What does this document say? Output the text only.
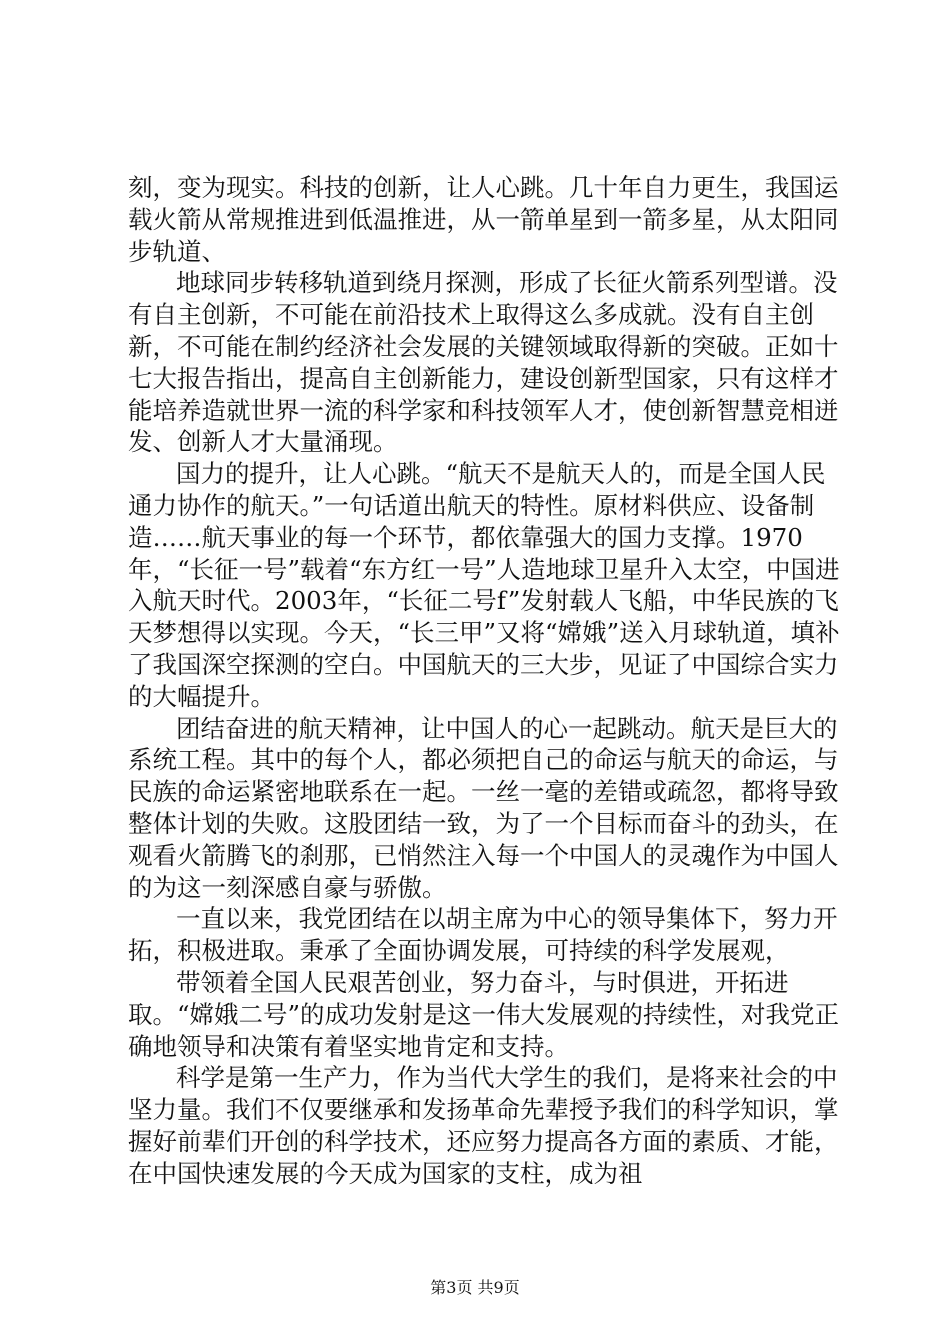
刻，变为现实。科技的创新，让人心跳。几十年自力更生，我国运载火箭从常规推进到低温推进，从一箭单星到一箭多星，从太阳同步轨道、

地球同步转移轨道到绕月探测，形成了长征火箭系列型谱。没有自主创新，不可能在前沿技术上取得这么多成就。没有自主创新，不可能在制约经济社会发展的关键领域取得新的突破。正如十七大报告指出，提高自主创新能力，建设创新型国家，只有这样才能培养造就世界一流的科学家和科技领军人才，使创新智慧竞相迸发、创新人才大量涌现。

国力的提升，让人心跳。“航天不是航天人的，而是全国人民通力协作的航天。”一句话道出航天的特性。原材料供应、设备制造……航天事业的每一个环节，都依靠强大的国力支撑。1970年，“长征一号”载着“东方红一号”人造地球卫星升入太空，中国进入航天时代。2003年，“长征二号f”发射载人飞船，中华民族的飞天梦想得以实现。今天，“长三甲”又将“嫦娥”送入月球轨道，填补了我国深空探测的空白。中国航天的三大步，见证了中国综合实力的大幅提升。

团结奋进的航天精神，让中国人的心一起跳动。航天是巨大的系统工程。其中的每个人，都必须把自己的命运与航天的命运，与民族的命运紧密地联系在一起。一丝一毫的差错或疏忽，都将导致整体计划的失败。这股团结一致，为了一个目标而奋斗的劲头，在观看火箭腾飞的刹那，已悄然注入每一个中国人的灵魂作为中国人的为这一刻深感自豪与骄傲。

一直以来，我党团结在以胡主席为中心的领导集体下，努力开拓，积极进取。秉承了全面协调发展，可持续的科学发展观，

带领着全国人民艰苦创业，努力奋斗，与时俱进，开拓进取。“嫦娥二号”的成功发射是这一伟大发展观的持续性，对我党正确地领导和决策有着坚实地肯定和支持。

科学是第一生产力，作为当代大学生的我们，是将来社会的中坚力量。我们不仅要继承和发扬革命先辈授予我们的科学知识，掌握好前辈们开创的科学技术，还应努力提高各方面的素质、才能，在中国快速发展的今天成为国家的支柱，成为祖

第3页 共9页
